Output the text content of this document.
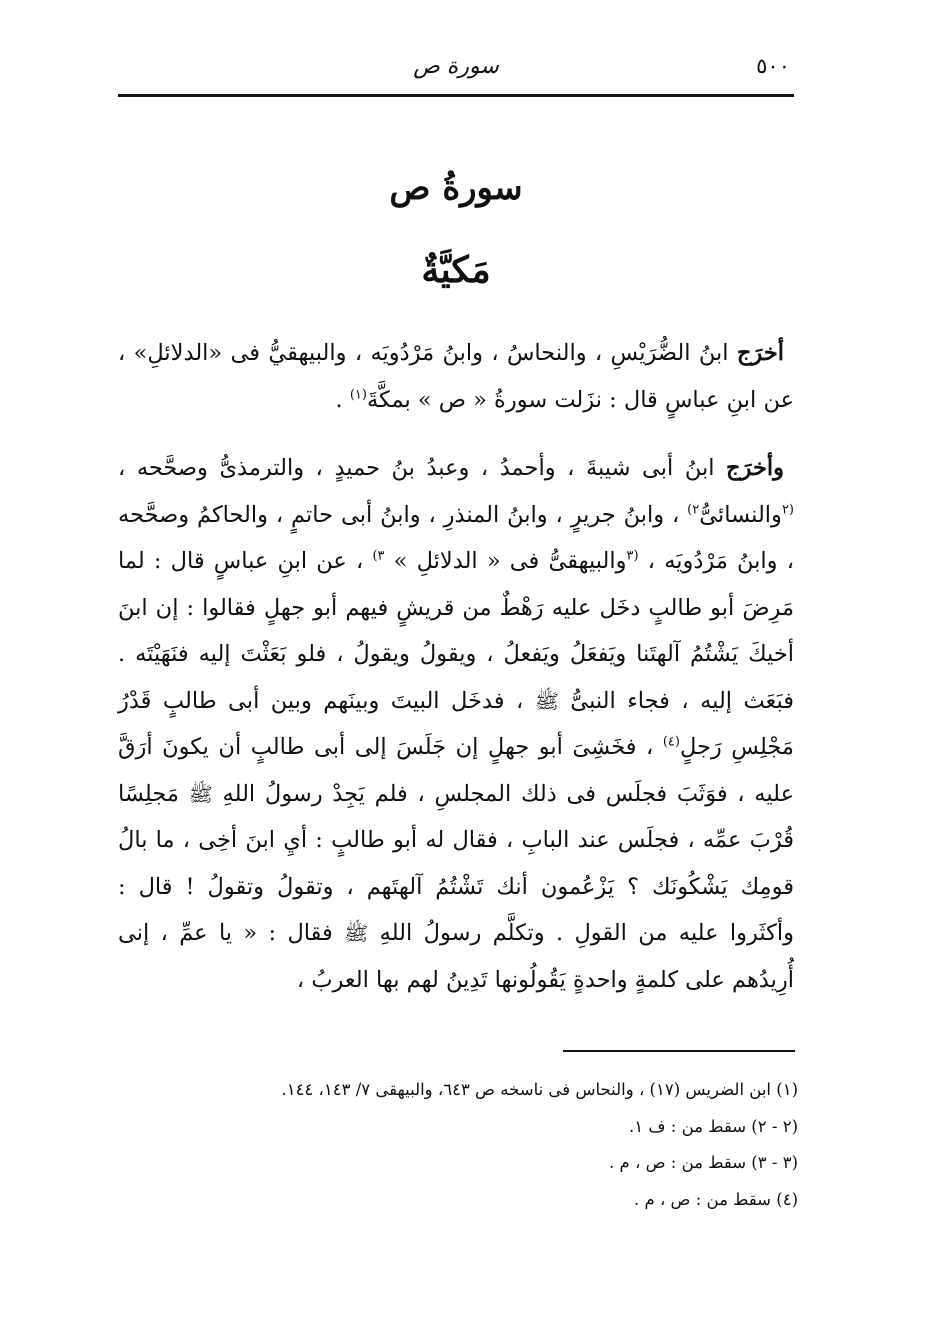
٥٠٠
سورة ص
سورةُ ص
مَكيَّةٌ

أخرَج ابنُ الضُّرَيْسِ ، والنحاسُ ، وابنُ مَرْدُويَه ، والبيهقيُّ فى «الدلائلِ» ، عن ابنِ عباسٍ قال : نزَلت سورةُ « ص » بمكَّةَ$^{(١)}$ .

وأخرَج ابنُ أبى شيبةَ ، وأحمدُ ، وعبدُ بنُ حميدٍ ، والترمذىُّ وصحَّحه ، $^{(٢}$والنسائىُّ$^{٢)}$ ، وابنُ جريرٍ ، وابنُ المنذرِ ، وابنُ أبى حاتمٍ ، والحاكمُ وصحَّحه ، وابنُ مَرْدُويَه ، $^{(٣}$والبيهقىُّ فى « الدلائلِ » $^{٣)}$ ، عن ابنِ عباسٍ قال : لما مَرِضَ أبو طالبٍ دخَل عليه رَهْطٌ من قريشٍ فيهم أبو جهلٍ فقالوا : إن ابنَ أخيكَ يَشْتُمُ آلهتَنا ويَفعَلُ ويَفعلُ ، ويقولُ ويقولُ ، فلو بَعَثْتَ إليه فنَهَيْتَه . فبَعَث إليه ، فجاء النبىُّ ﷺ ، فدخَل البيتَ وبينَهم وبين أبى طالبٍ قَدْرُ مَجْلِسِ رَجلٍ$^{(٤)}$ ، فخَشِىَ أبو جهلٍ إن جَلَسَ إلى أبى طالبٍ أن يكونَ أرَقَّ عليه ، فوَثَبَ فجلَس فى ذلك المجلسِ ، فلم يَجِدْ رسولُ اللهِ ﷺ مَجلِسًا قُرْبَ عمِّه ، فجلَس عند البابِ ، فقال له أبو طالبٍ : أيِ ابنَ أخِى ، ما بالُ قومِك يَشْكُونَك ؟ يَزْعُمون أنك تَشْتُمُ آلهتَهم ، وتقولُ وتقولُ ! قال : وأكثَروا عليه من القولِ . وتكلَّم رسولُ اللهِ ﷺ فقال : « يا عمِّ ، إنى أُرِيدُهم على كلمةٍ واحدةٍ يَقُولُونها تَدِينُ لهم بها العربُ ،

(١) ابن الضريس (١٧) ، والنحاس فى ناسخه ص ٦٤٣، والبيهقى ٧/ ١٤٣، ١٤٤.

(٢ - ٢) سقط من : ف ١.

(٣ - ٣) سقط من : ص ، م .

(٤) سقط من : ص ، م .
